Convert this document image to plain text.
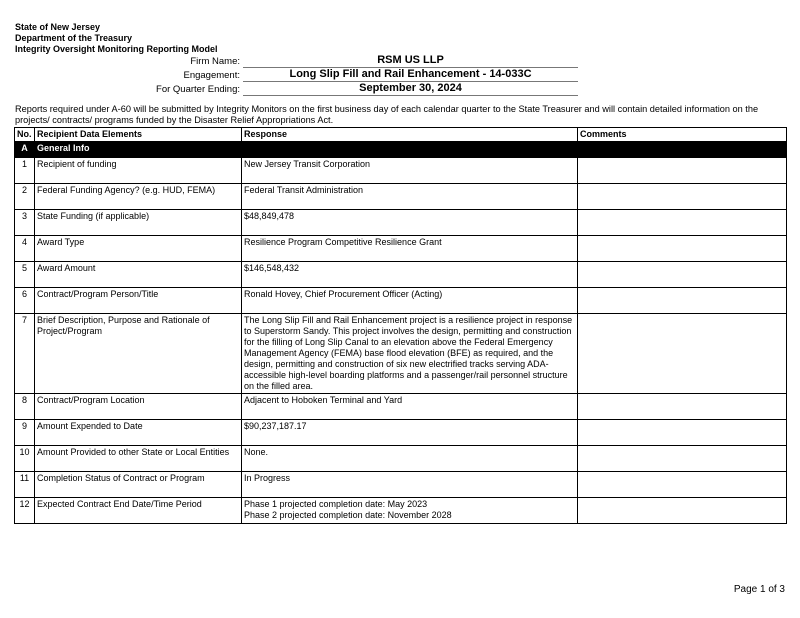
State of New Jersey
Department of the Treasury
Integrity Oversight Monitoring Reporting Model
Firm Name:	RSM US LLP
Engagement:	Long Slip Fill and Rail Enhancement - 14-033C
For Quarter Ending:	September 30, 2024
Reports required under A-60 will be submitted by Integrity Monitors on the first business day of each calendar quarter to the State Treasurer and will contain detailed information on the projects/ contracts/ programs funded by the Disaster Relief Appropriations Act.
No.	Recipient Data Elements	Response	Comments
A	General Info		
1	Recipient of funding	New Jersey Transit Corporation	
2	Federal Funding Agency? (e.g. HUD, FEMA)	Federal Transit Administration	
3	State Funding (if applicable)	$48,849,478	
4	Award Type	Resilience Program Competitive Resilience Grant	
5	Award Amount	$146,548,432	
6	Contract/Program Person/Title	Ronald Hovey, Chief Procurement Officer (Acting)	
7	Brief Description, Purpose and Rationale of Project/Program	The Long Slip Fill and Rail Enhancement project is a resilience project in response to Superstorm Sandy. This project involves the design, permitting and construction for the filling of Long Slip Canal to an elevation above the Federal Emergency Management Agency (FEMA) base flood elevation (BFE) as required, and the design, permitting and construction of six new electrified tracks serving ADA-accessible high-level boarding platforms and a passenger/rail personnel structure on the filled area.	
8	Contract/Program Location	Adjacent to Hoboken Terminal and Yard	
9	Amount Expended to Date	$90,237,187.17	
10	Amount Provided to other State or Local Entities	None.	
11	Completion Status of Contract or Program	In Progress	
12	Expected Contract End Date/Time Period	Phase 1 projected completion date: May 2023
Phase 2 projected completion date: November 2028	

Page 1 of 3
